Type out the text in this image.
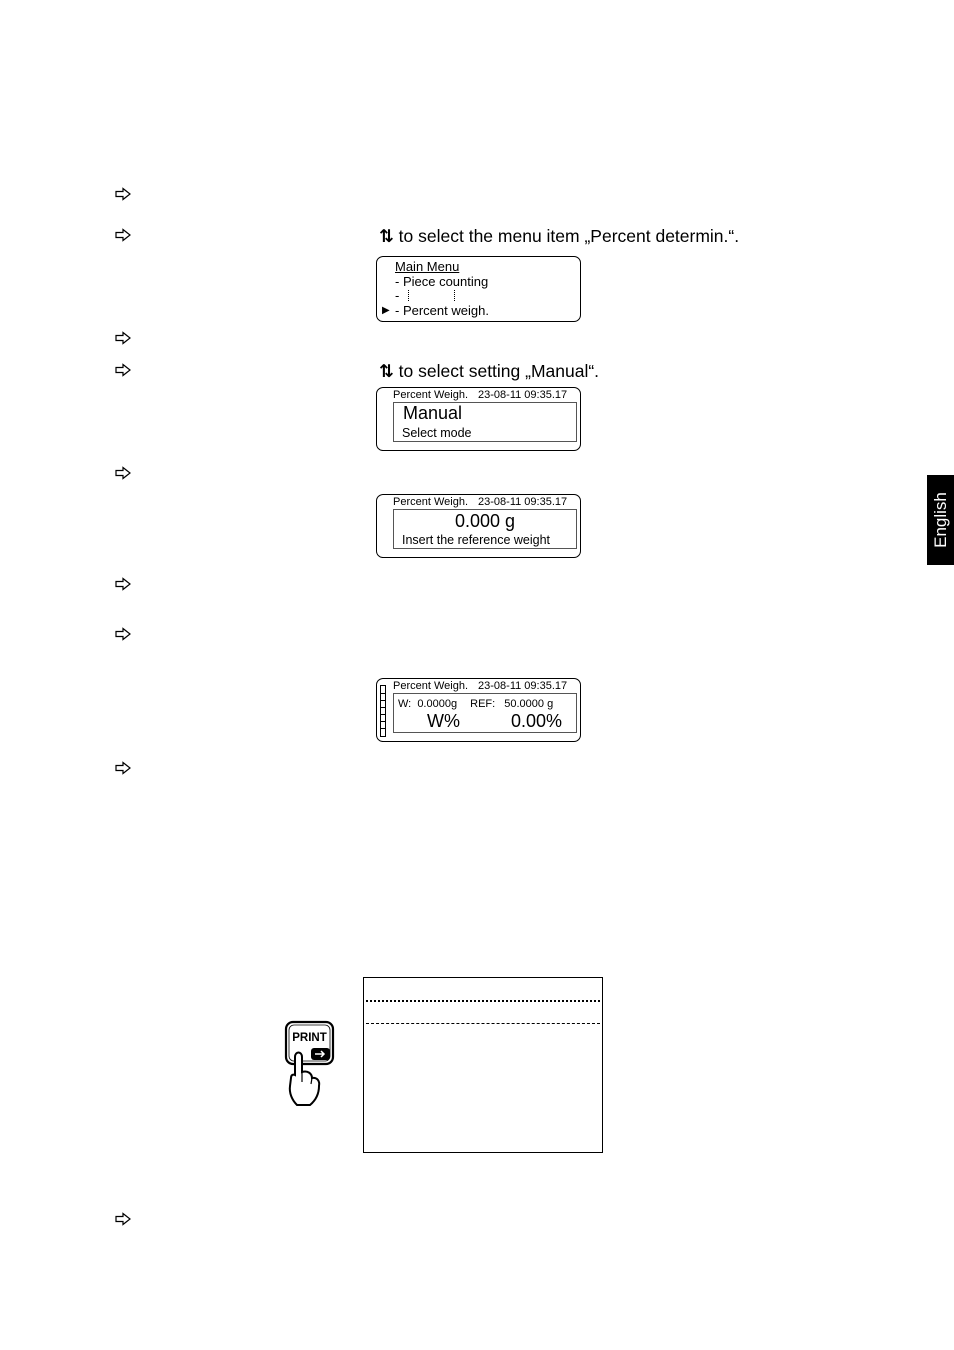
⇅ to select the menu item „Percent determin.“.
⇅ to select setting „Manual“.
Main Menu
- Piece counting
-
▶ - Percent weigh.
Percent Weigh. 23-08-11 09:35.17
Manual
Select mode
Percent Weigh. 23-08-11 09:35.17
0.000 g
Insert the reference weight
Percent Weigh. 23-08-11 09:35.17
W: 0.0000g REF: 50.0000 g
W%	0.00%
English
PRINT
